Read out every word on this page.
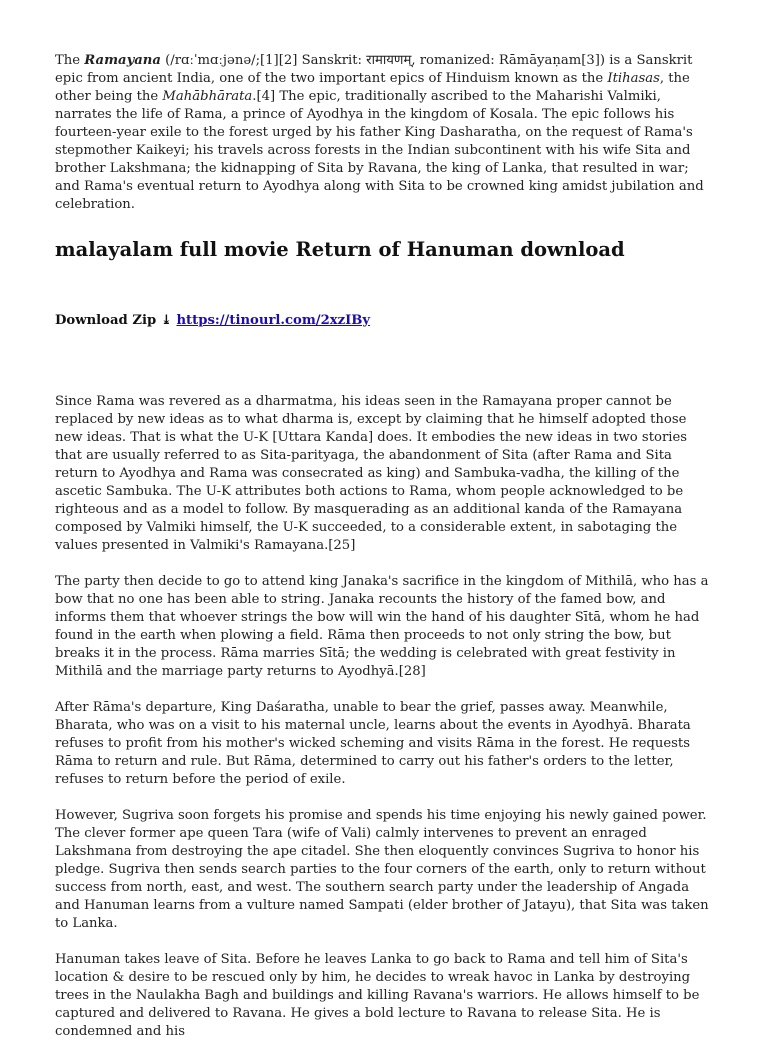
The Ramayana (/rɑːˈmɑːjənə/;[1][2] Sanskrit: रामायणम्, romanized: Rāmāyaṇam[3]) is a Sanskrit epic from ancient India, one of the two important epics of Hinduism known as the Itihasas, the other being the Mahābhārata.[4] The epic, traditionally ascribed to the Maharishi Valmiki, narrates the life of Rama, a prince of Ayodhya in the kingdom of Kosala. The epic follows his fourteen-year exile to the forest urged by his father King Dasharatha, on the request of Rama's stepmother Kaikeyi; his travels across forests in the Indian subcontinent with his wife Sita and brother Lakshmana; the kidnapping of Sita by Ravana, the king of Lanka, that resulted in war; and Rama's eventual return to Ayodhya along with Sita to be crowned king amidst jubilation and celebration.

malayalam full movie Return of Hanuman download
Download Zip ⤓ https://tinourl.com/2xzIBy

Since Rama was revered as a dharmatma, his ideas seen in the Ramayana proper cannot be replaced by new ideas as to what dharma is, except by claiming that he himself adopted those new ideas. That is what the U-K [Uttara Kanda] does. It embodies the new ideas in two stories that are usually referred to as Sita-parityaga, the abandonment of Sita (after Rama and Sita return to Ayodhya and Rama was consecrated as king) and Sambuka-vadha, the killing of the ascetic Sambuka. The U-K attributes both actions to Rama, whom people acknowledged to be righteous and as a model to follow. By masquerading as an additional kanda of the Ramayana composed by Valmiki himself, the U-K succeeded, to a considerable extent, in sabotaging the values presented in Valmiki's Ramayana.[25]

The party then decide to go to attend king Janaka's sacrifice in the kingdom of Mithilā, who has a bow that no one has been able to string. Janaka recounts the history of the famed bow, and informs them that whoever strings the bow will win the hand of his daughter Sītā, whom he had found in the earth when plowing a field. Rāma then proceeds to not only string the bow, but breaks it in the process. Rāma marries Sītā; the wedding is celebrated with great festivity in Mithilā and the marriage party returns to Ayodhyā.[28]

After Rāma's departure, King Daśaratha, unable to bear the grief, passes away. Meanwhile, Bharata, who was on a visit to his maternal uncle, learns about the events in Ayodhyā. Bharata refuses to profit from his mother's wicked scheming and visits Rāma in the forest. He requests Rāma to return and rule. But Rāma, determined to carry out his father's orders to the letter, refuses to return before the period of exile.

However, Sugriva soon forgets his promise and spends his time enjoying his newly gained power. The clever former ape queen Tara (wife of Vali) calmly intervenes to prevent an enraged Lakshmana from destroying the ape citadel. She then eloquently convinces Sugriva to honor his pledge. Sugriva then sends search parties to the four corners of the earth, only to return without success from north, east, and west. The southern search party under the leadership of Angada and Hanuman learns from a vulture named Sampati (elder brother of Jatayu), that Sita was taken to Lanka.

Hanuman takes leave of Sita. Before he leaves Lanka to go back to Rama and tell him of Sita's location & desire to be rescued only by him, he decides to wreak havoc in Lanka by destroying trees in the Naulakha Bagh and buildings and killing Ravana's warriors. He allows himself to be captured and delivered to Ravana. He gives a bold lecture to Ravana to release Sita. He is condemned and his
